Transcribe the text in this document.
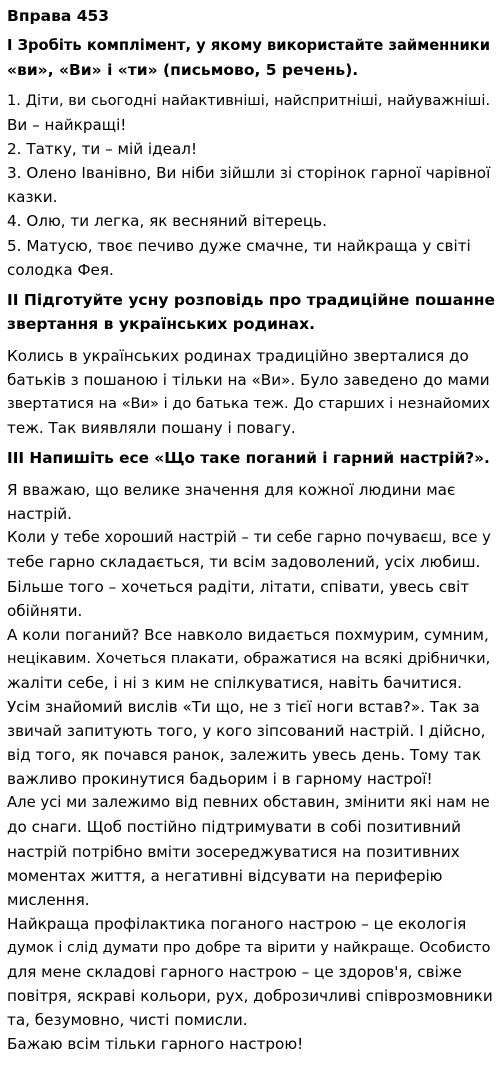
Вправа 453

I Зробіть комплімент, у якому використайте займенники

«ви», «Ви» і «ти» (письмово, 5 речень).

1. Діти, ви сьогодні найактивніші, найспритніші, найуважніші.

Ви – найкращі!

2. Татку, ти – мій ідеал!

3. Олено Іванівно, Ви ніби зійшли зі сторінок гарної чарівної

казки.

4. Олю, ти легка, як весняний вітерець.

5. Матусю, твоє печиво дуже смачне, ти найкраща у світі

солодка Фея.

II Підготуйте усну розповідь про традиційне пошанне

звертання в українських родинах.

Колись в українських родинах традиційно зверталися до

батьків з пошаною і тільки на «Ви». Було заведено до мами

звертатися на «Ви» і до батька теж. До старших і незнайомих

теж. Так виявляли пошану і повагу.

III Напишіть есе «Що таке поганий і гарний настрій?».

Я вважаю, що велике значення для кожної людини має

настрій.

Коли у тебе хороший настрій – ти себе гарно почуваєш, все у

тебе гарно складається, ти всім задоволений, усіх любиш.

Більше того – хочеться радіти, літати, співати, увесь світ

обійняти.

А коли поганий? Все навколо видається похмурим, сумним,

нецікавим. Хочеться плакати, ображатися на всякі дрібнички,

жаліти себе, і ні з ким не спілкуватися, навіть бачитися.

Усім знайомий вислів «Ти що, не з тієї ноги встав?». Так за

звичай запитують того, у кого зіпсований настрій. І дійсно,

від того, як почався ранок, залежить увесь день. Тому так

важливо прокинутися бадьорим і в гарному настрої!

Але усі ми залежимо від певних обставин, змінити які нам не

до снаги. Щоб постійно підтримувати в собі позитивний

настрій потрібно вміти зосереджуватися на позитивних

моментах життя, а негативні відсувати на периферію

мислення.

Найкраща профілактика поганого настрою – це екологія

думок і слід думати про добре та вірити у найкраще. Особисто

для мене складові гарного настрою – це здоров'я, свіже

повітря, яскраві кольори, рух, доброзичливі співрозмовники

та, безумовно, чисті помисли.

Бажаю всім тільки гарного настрою!
